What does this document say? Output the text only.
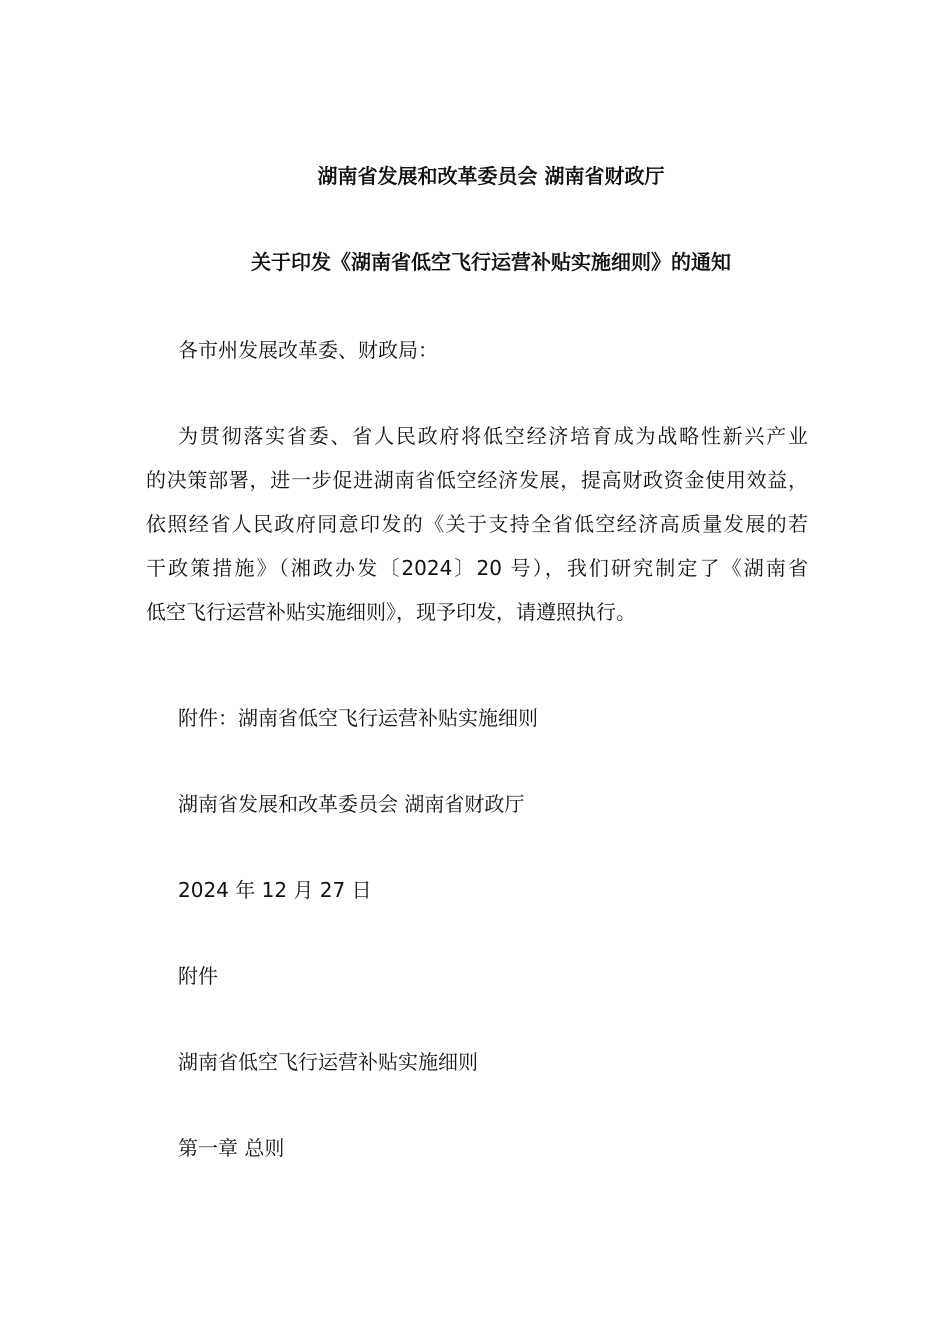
湖南省发展和改革委员会 湖南省财政厅
关于印发《湖南省低空飞行运营补贴实施细则》的通知
各市州发展改革委、财政局：
为贯彻落实省委、省人民政府将低空经济培育成为战略性新兴产业
的决策部署，进一步促进湖南省低空经济发展，提高财政资金使用效益，
依照经省人民政府同意印发的《关于支持全省低空经济高质量发展的若
干政策措施》（湘政办发〔2024〕20 号），我们研究制定了《湖南省
低空飞行运营补贴实施细则》，现予印发，请遵照执行。
附件：湖南省低空飞行运营补贴实施细则
湖南省发展和改革委员会 湖南省财政厅
2024 年 12 月 27 日
附件
湖南省低空飞行运营补贴实施细则
第一章 总则
